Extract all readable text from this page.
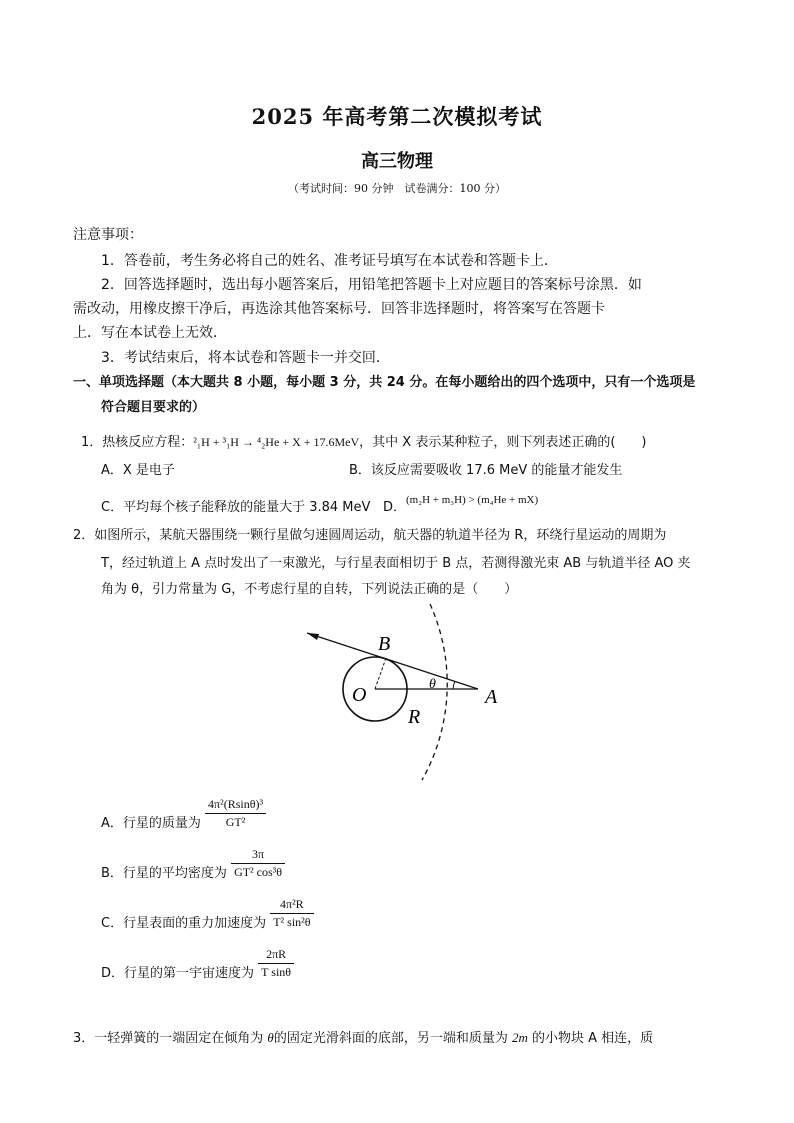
2025 年高考第二次模拟考试
高三物理
（考试时间：90 分钟　试卷满分：100 分）
注意事项：
1．答卷前，考生务必将自己的姓名、准考证号填写在本试卷和答题卡上．
2．回答选择题时，选出每小题答案后，用铅笔把答题卡上对应题目的答案标号涂黑．如
需改动，用橡皮擦干净后，再选涂其他答案标号．回答非选择题时，将答案写在答题卡
上．写在本试卷上无效．
3．考试结束后，将本试卷和答题卡一并交回．
一、单项选择题（本大题共 8 小题，每小题 3 分，共 24 分。在每小题给出的四个选项中，只有一个选项是
符合题目要求的）
1．热核反应方程：²₁H + ³₁H → ⁴₂He + X + 17.6MeV，其中 X 表示某种粒子，则下列表述正确的(　　)
A．X 是电子	B．该反应需要吸收 17.6 MeV 的能量才能发生
C．平均每个核子能释放的能量大于 3.84 MeV D．$^{(m_2H + m_3H) > (m_4He + mX)}$
2．如图所示，某航天器围绕一颗行星做匀速圆周运动，航天器的轨道半径为 R，环绕行星运动的周期为
T，经过轨道上 A 点时发出了一束激光，与行星表面相切于 B 点，若测得激光束 AB 与轨道半径 AO 夹
角为 θ，引力常量为 G，不考虑行星的自转，下列说法正确的是（　　）
B
O
R
A
θ
A．行星的质量为 $\frac{\text{4π²(Rsinθ)³}}{\text{GT²}}$
B．行星的平均密度为 $\frac{3\pi}{\text{GT² cos³θ}}$
C．行星表面的重力加速度为 $\frac{\text{4π²R}}{\text{T² sin²θ}}$
D．行星的第一宇宙速度为 $\frac{2\pi R}{\text{T sinθ}}$
3．一轻弹簧的一端固定在倾角为 θ的固定光滑斜面的底部，另一端和质量为 2m 的小物块 A 相连，质
